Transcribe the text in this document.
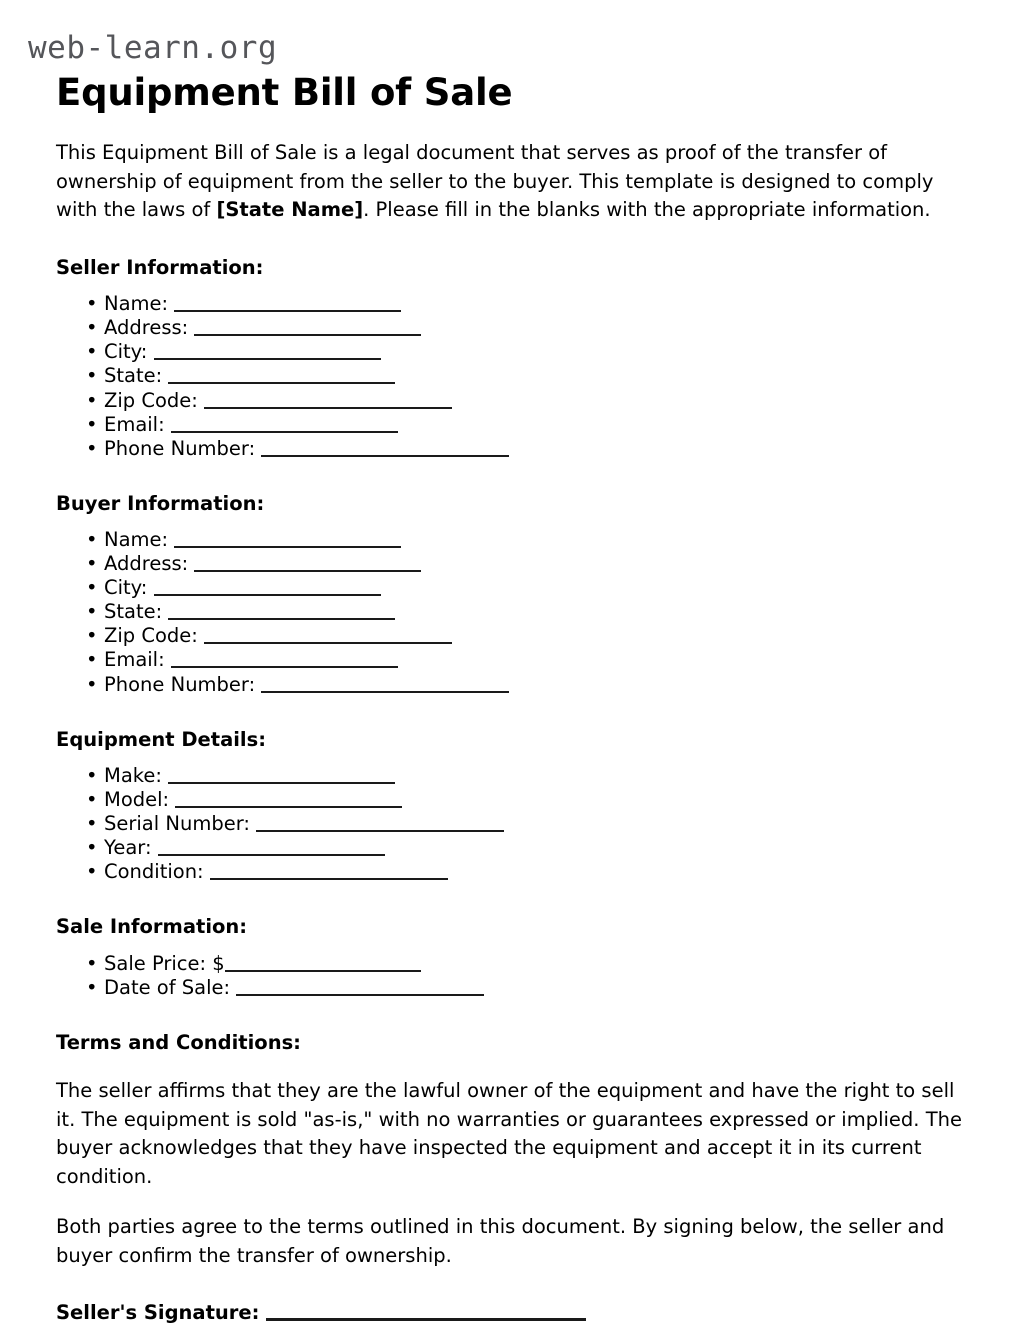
web-learn.org
Equipment Bill of Sale

This Equipment Bill of Sale is a legal document that serves as proof of the transfer of ownership of equipment from the seller to the buyer. This template is designed to comply with the laws of [State Name]. Please fill in the blanks with the appropriate information.

Seller Information:
• Name:
• Address:
• City:
• State:
• Zip Code:
• Email:
• Phone Number:
Buyer Information:
• Name:
• Address:
• City:
• State:
• Zip Code:
• Email:
• Phone Number:
Equipment Details:
• Make:
• Model:
• Serial Number:
• Year:
• Condition:
Sale Information:
• Sale Price: $
• Date of Sale:
Terms and Conditions:

The seller affirms that they are the lawful owner of the equipment and have the right to sell it. The equipment is sold "as-is," with no warranties or guarantees expressed or implied. The buyer acknowledges that they have inspected the equipment and accept it in its current condition.

Both parties agree to the terms outlined in this document. By signing below, the seller and buyer confirm the transfer of ownership.

Seller's Signature:
